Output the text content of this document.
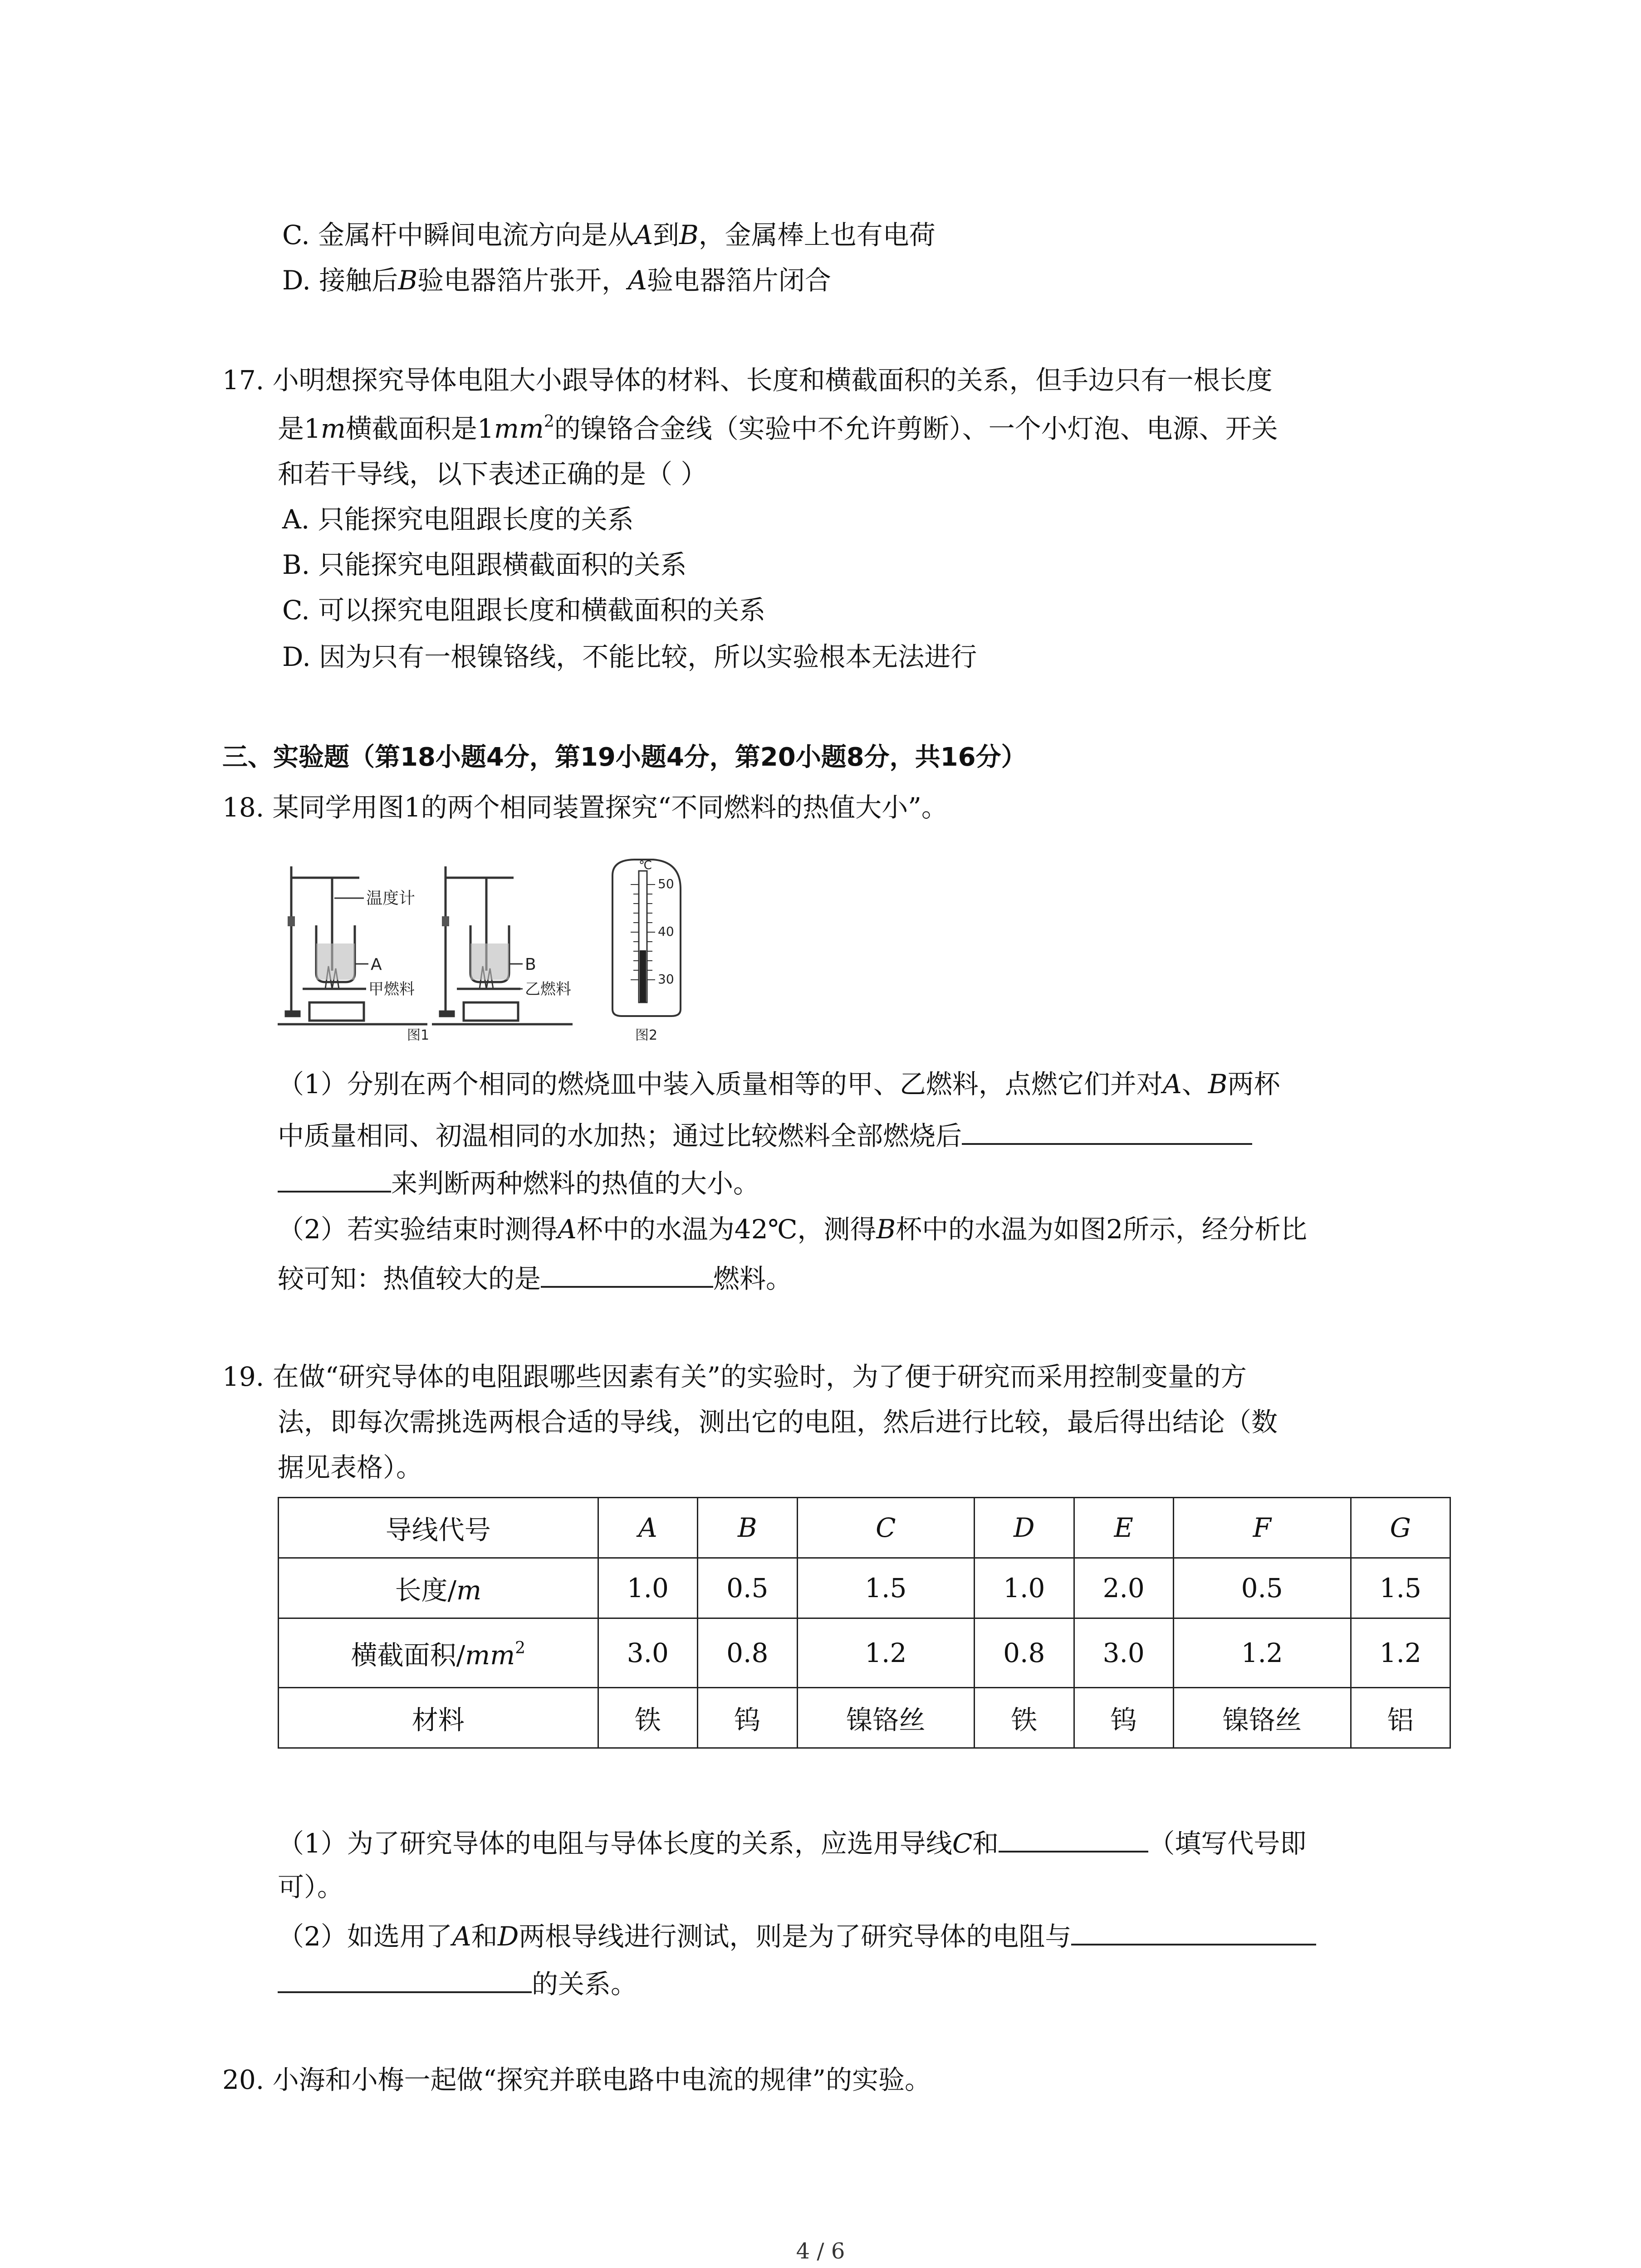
C. 金属杆中瞬间电流方向是从A到B，金属棒上也有电荷
D. 接触后B验电器箔片张开，A验电器箔片闭合
17. 小明想探究导体电阻大小跟导体的材料、长度和横截面积的关系，但手边只有一根长度
是1m横截面积是$1mm^2$的镍铬合金线（实验中不允许剪断）、一个小灯泡、电源、开关
和若干导线，以下表述正确的是（ ）
A. 只能探究电阻跟长度的关系
B. 只能探究电阻跟横截面积的关系
C. 可以探究电阻跟长度和横截面积的关系
D. 因为只有一根镍铬线，不能比较，所以实验根本无法进行
三、实验题（第18小题4分，第19小题4分，第20小题8分，共16分）
18. 某同学用图1的两个相同装置探究“不同燃料的热值大小”。
温度计
A
甲燃料
B
乙燃料
图1
℃
50
40
30
图2
（1）分别在两个相同的燃烧皿中装入质量相等的甲、乙燃料，点燃它们并对A、B两杯
中质量相同、初温相同的水加热；通过比较燃料全部燃烧后
来判断两种燃料的热值的大小。
（2）若实验结束时测得A杯中的水温为42℃，测得B杯中的水温为如图2所示，经分析比
较可知：热值较大的是	燃料。
19. 在做“研究导体的电阻跟哪些因素有关”的实验时，为了便于研究而采用控制变量的方
法，即每次需挑选两根合适的导线，测出它的电阻，然后进行比较，最后得出结论（数
据见表格）。
导线代号	A	B	C	D	E	F	G
长度/m	1.0	0.5	1.5	1.0	2.0	0.5	1.5
横截面积$/mm^2$	3.0	0.8	1.2	0.8	3.0	1.2	1.2
材料	铁	钨	镍铬丝	铁	钨	镍铬丝	铝
（1）为了研究导体的电阻与导体长度的关系，应选用导线C和	（填写代号即
可）。
（2）如选用了A和D两根导线进行测试，则是为了研究导体的电阻与
的关系。
20. 小海和小梅一起做“探究并联电路中电流的规律”的实验。
4 / 6
